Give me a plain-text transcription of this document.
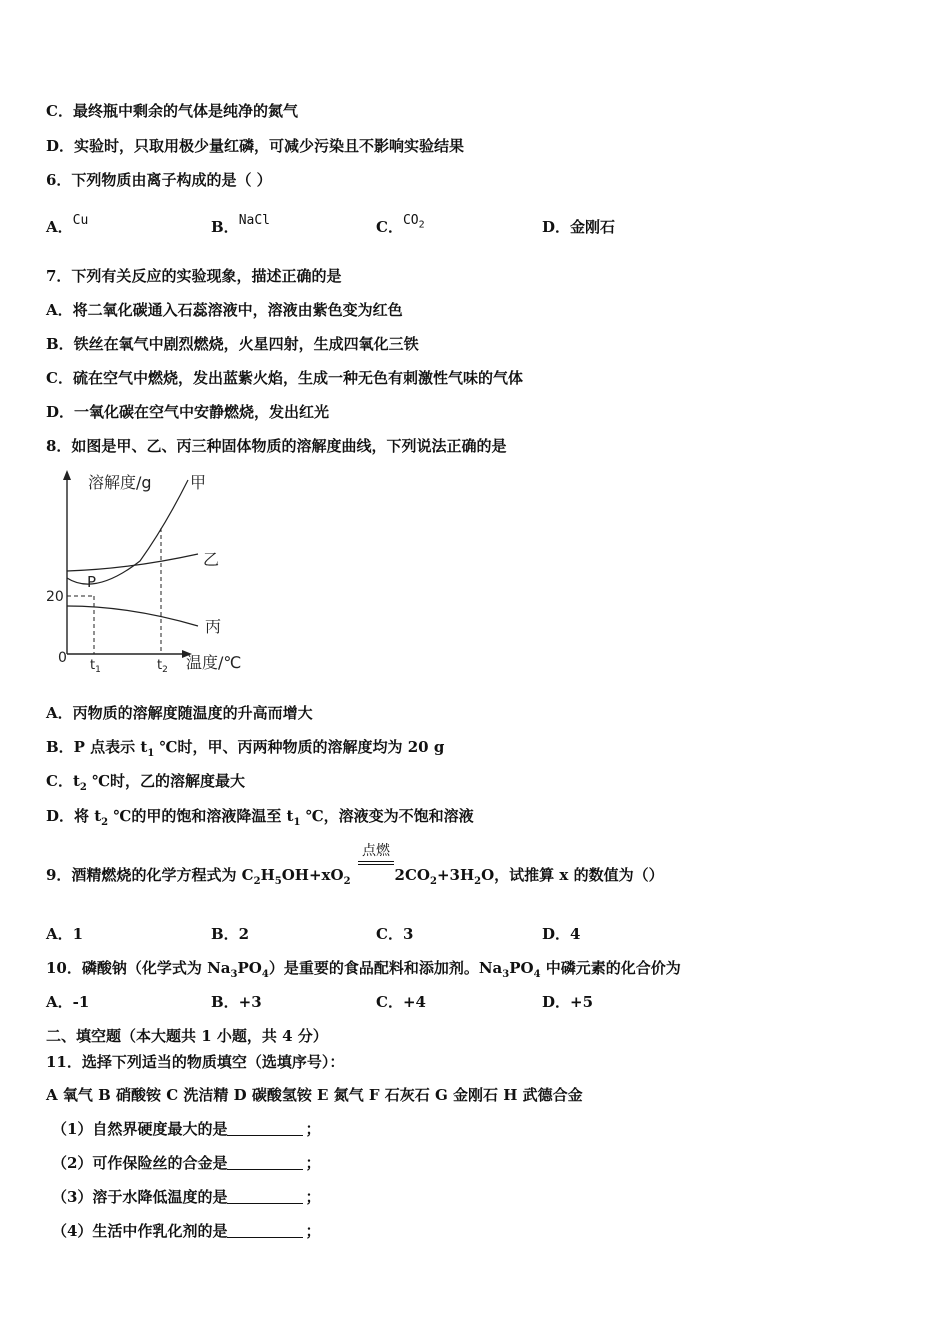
C．最终瓶中剩余的气体是纯净的氮气
D．实验时，只取用极少量红磷，可减少污染且不影响实验结果
6．下列物质由离子构成的是（ ）
A．Cu	B．NaCl	C．$CO_2$	D．金刚石
7．下列有关反应的实验现象，描述正确的是
A．将二氧化碳通入石蕊溶液中，溶液由紫色变为红色
B．铁丝在氧气中剧烈燃烧，火星四射，生成四氧化三铁
C．硫在空气中燃烧，发出蓝紫火焰，生成一种无色有刺激性气味的气体
D．一氧化碳在空气中安静燃烧，发出红光
8．如图是甲、乙、丙三种固体物质的溶解度曲线，下列说法正确的是
溶解度/g 甲
乙
丙
P
20
0 $t_1$	$t_2$ 温度/℃
A．丙物质的溶解度随温度的升高而增大
B．P 点表示 $t_1$ ℃时，甲、丙两种物质的溶解度均为 20 g
C．$t_2$ ℃时，乙的溶解度最大
D．将 $t_2$ ℃的甲的饱和溶液降温至 $t_1$ ℃，溶液变为不饱和溶液
点燃
9．酒精燃烧的化学方程式为 $C_2H_5OH+xO_2$	$2CO_2+3H_2O$，试推算 x 的数值为（）
A．1	B．2	C．3	D．4
10．磷酸钠（化学式为 $Na_3PO_4$）是重要的食品配料和添加剂。$Na_3PO_4$ 中磷元素的化合价为
A．-1	B．+3	C．+4	D．+5
二、填空题（本大题共 1 小题，共 4 分）
11．选择下列适当的物质填空（选填序号）：
A 氧气 B 硝酸铵 C 洗洁精 D 碳酸氢铵 E 氮气 F 石灰石 G 金刚石 H 武德合金
（1）自然界硬度最大的是	；
（2）可作保险丝的合金是	；
（3）溶于水降低温度的是	；
（4）生活中作乳化剂的是	；
